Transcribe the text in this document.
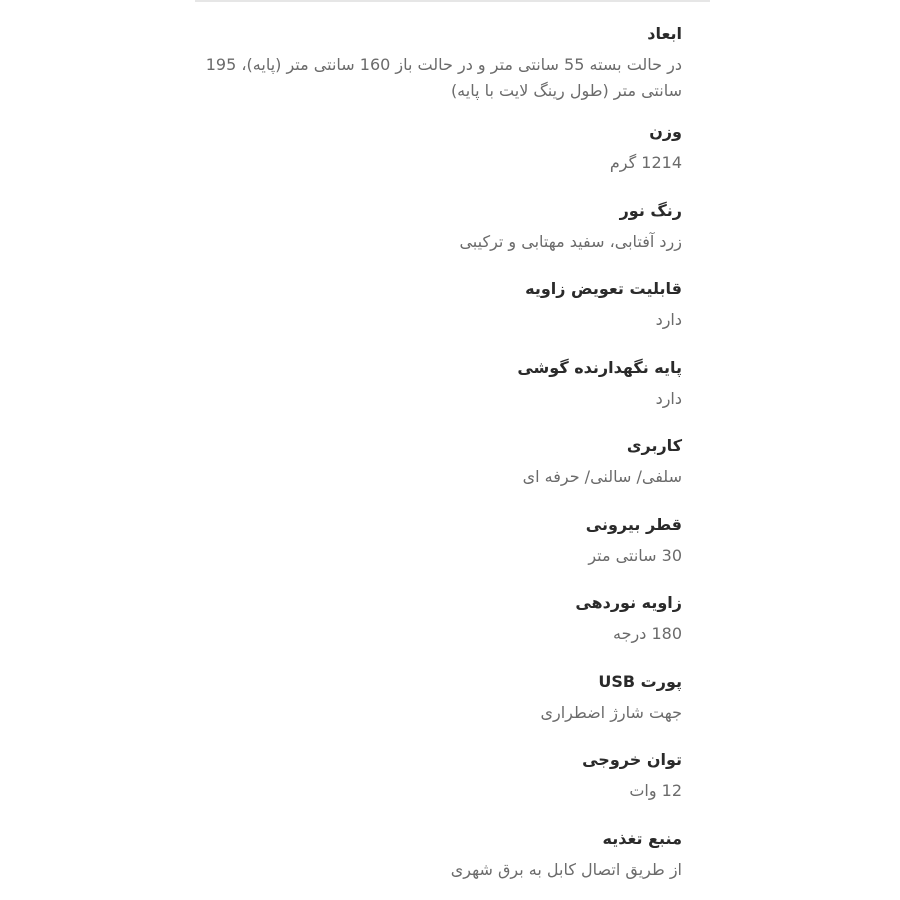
ابعاد
در حالت بسته 55 سانتی متر و در حالت باز 160 سانتی متر (پایه)، 195 سانتی متر (طول رینگ لایت با پایه)
وزن
1214 گرم
رنگ نور
زرد آفتابی، سفید مهتابی و ترکیبی
قابلیت تعویض زاویه
دارد
پایه نگهدارنده گوشی
دارد
کاربری
سلفی/ سالنی/ حرفه ای
قطر بیرونی
30 سانتی متر
زاویه نوردهی
180 درجه
پورت USB
جهت شارژ اضطراری
توان خروجی
12 وات
منبع تغذیه
از طریق اتصال کابل به برق شهری
